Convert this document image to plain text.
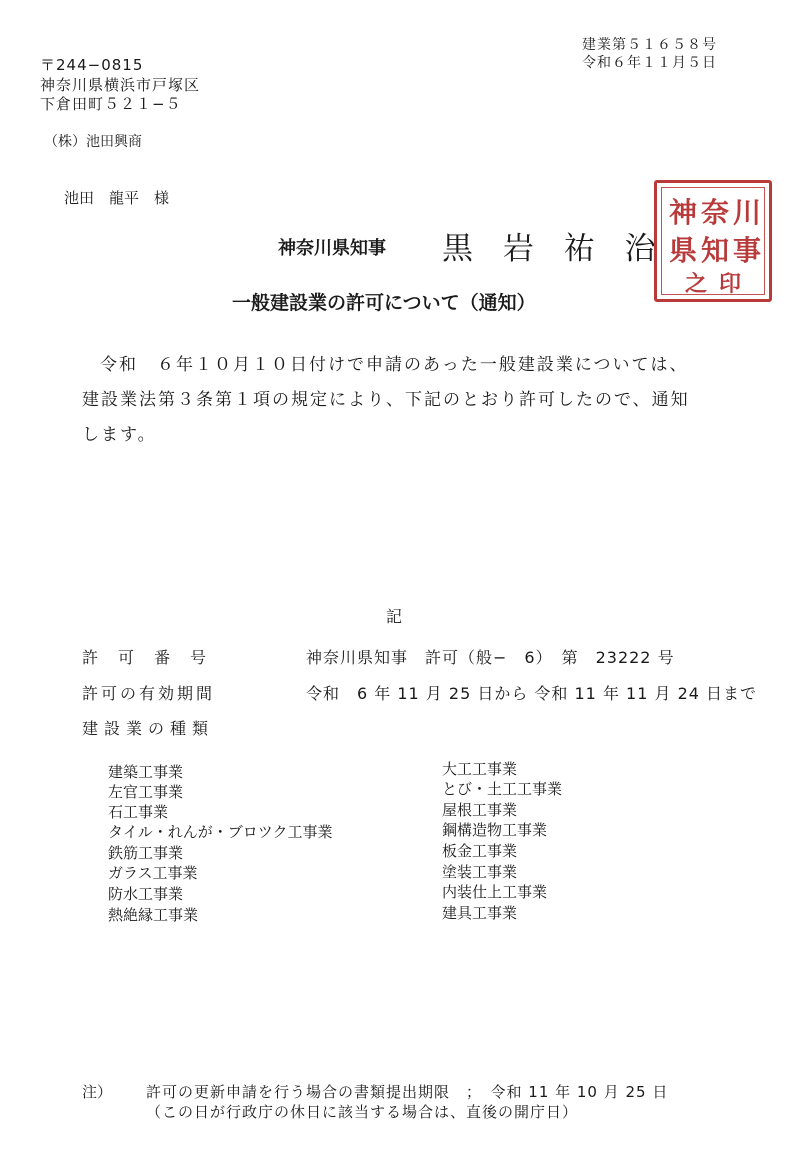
〒244−0815
神奈川県横浜市戸塚区
下倉田町５２１−５
（株）池田興商
池田　龍平　様
建業第５１６５８号
令和６年１１月５日
神奈川県知事 黒 岩 祐 治
神 奈 川
県 知 事
之 印
一般建設業の許可について（通知）
令和　６年１０月１０日付けで申請のあった一般建設業については、
建設業法第３条第１項の規定により、下記のとおり許可したので、通知
します。
記
許　可　番　号	神奈川県知事　許可（般−　6）　第　23222 号
許可の有効期間	令和　6 年 11 月 25 日から 令和 11 年 11 月 24 日まで
建設業の種類
建築工事業
左官工事業
石工事業
タイル・れんが・ブロツク工事業
鉄筋工事業
ガラス工事業
防水工事業
熱絶縁工事業
大工工事業
とび・土工工事業
屋根工事業
鋼構造物工事業
板金工事業
塗装工事業
内装仕上工事業
建具工事業
注） 許可の更新申請を行う場合の書類提出期限　；　令和 11 年 10 月 25 日
（この日が行政庁の休日に該当する場合は、直後の開庁日）
